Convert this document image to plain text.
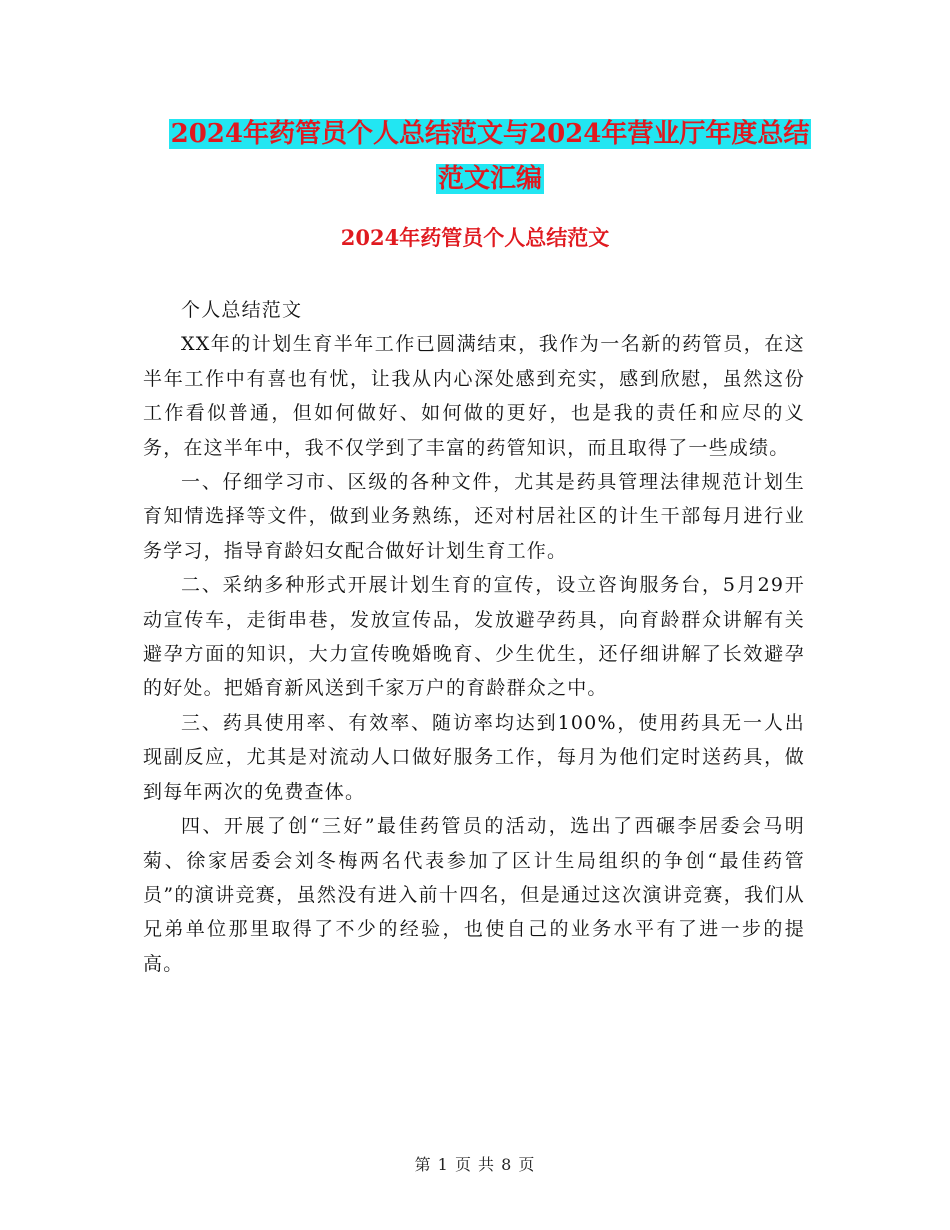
2024年药管员个人总结范文与2024年营业厅年度总结
范文汇编
2024年药管员个人总结范文

个人总结范文

XX年的计划生育半年工作已圆满结束，我作为一名新的药管员，在这半年工作中有喜也有忧，让我从内心深处感到充实，感到欣慰，虽然这份工作看似普通，但如何做好、如何做的更好，也是我的责任和应尽的义务，在这半年中，我不仅学到了丰富的药管知识，而且取得了一些成绩。

一、仔细学习市、区级的各种文件，尤其是药具管理法律规范计划生育知情选择等文件，做到业务熟练，还对村居社区的计生干部每月进行业务学习，指导育龄妇女配合做好计划生育工作。

二、采纳多种形式开展计划生育的宣传，设立咨询服务台，5月29开动宣传车，走街串巷，发放宣传品，发放避孕药具，向育龄群众讲解有关避孕方面的知识，大力宣传晚婚晚育、少生优生，还仔细讲解了长效避孕的好处。把婚育新风送到千家万户的育龄群众之中。

三、药具使用率、有效率、随访率均达到100%，使用药具无一人出现副反应，尤其是对流动人口做好服务工作，每月为他们定时送药具，做到每年两次的免费查体。

四、开展了创“三好”最佳药管员的活动，选出了西碾李居委会马明菊、徐家居委会刘冬梅两名代表参加了区计生局组织的争创“最佳药管员”的演讲竞赛，虽然没有进入前十四名，但是通过这次演讲竞赛，我们从兄弟单位那里取得了不少的经验，也使自己的业务水平有了进一步的提高。

第 1 页 共 8 页
